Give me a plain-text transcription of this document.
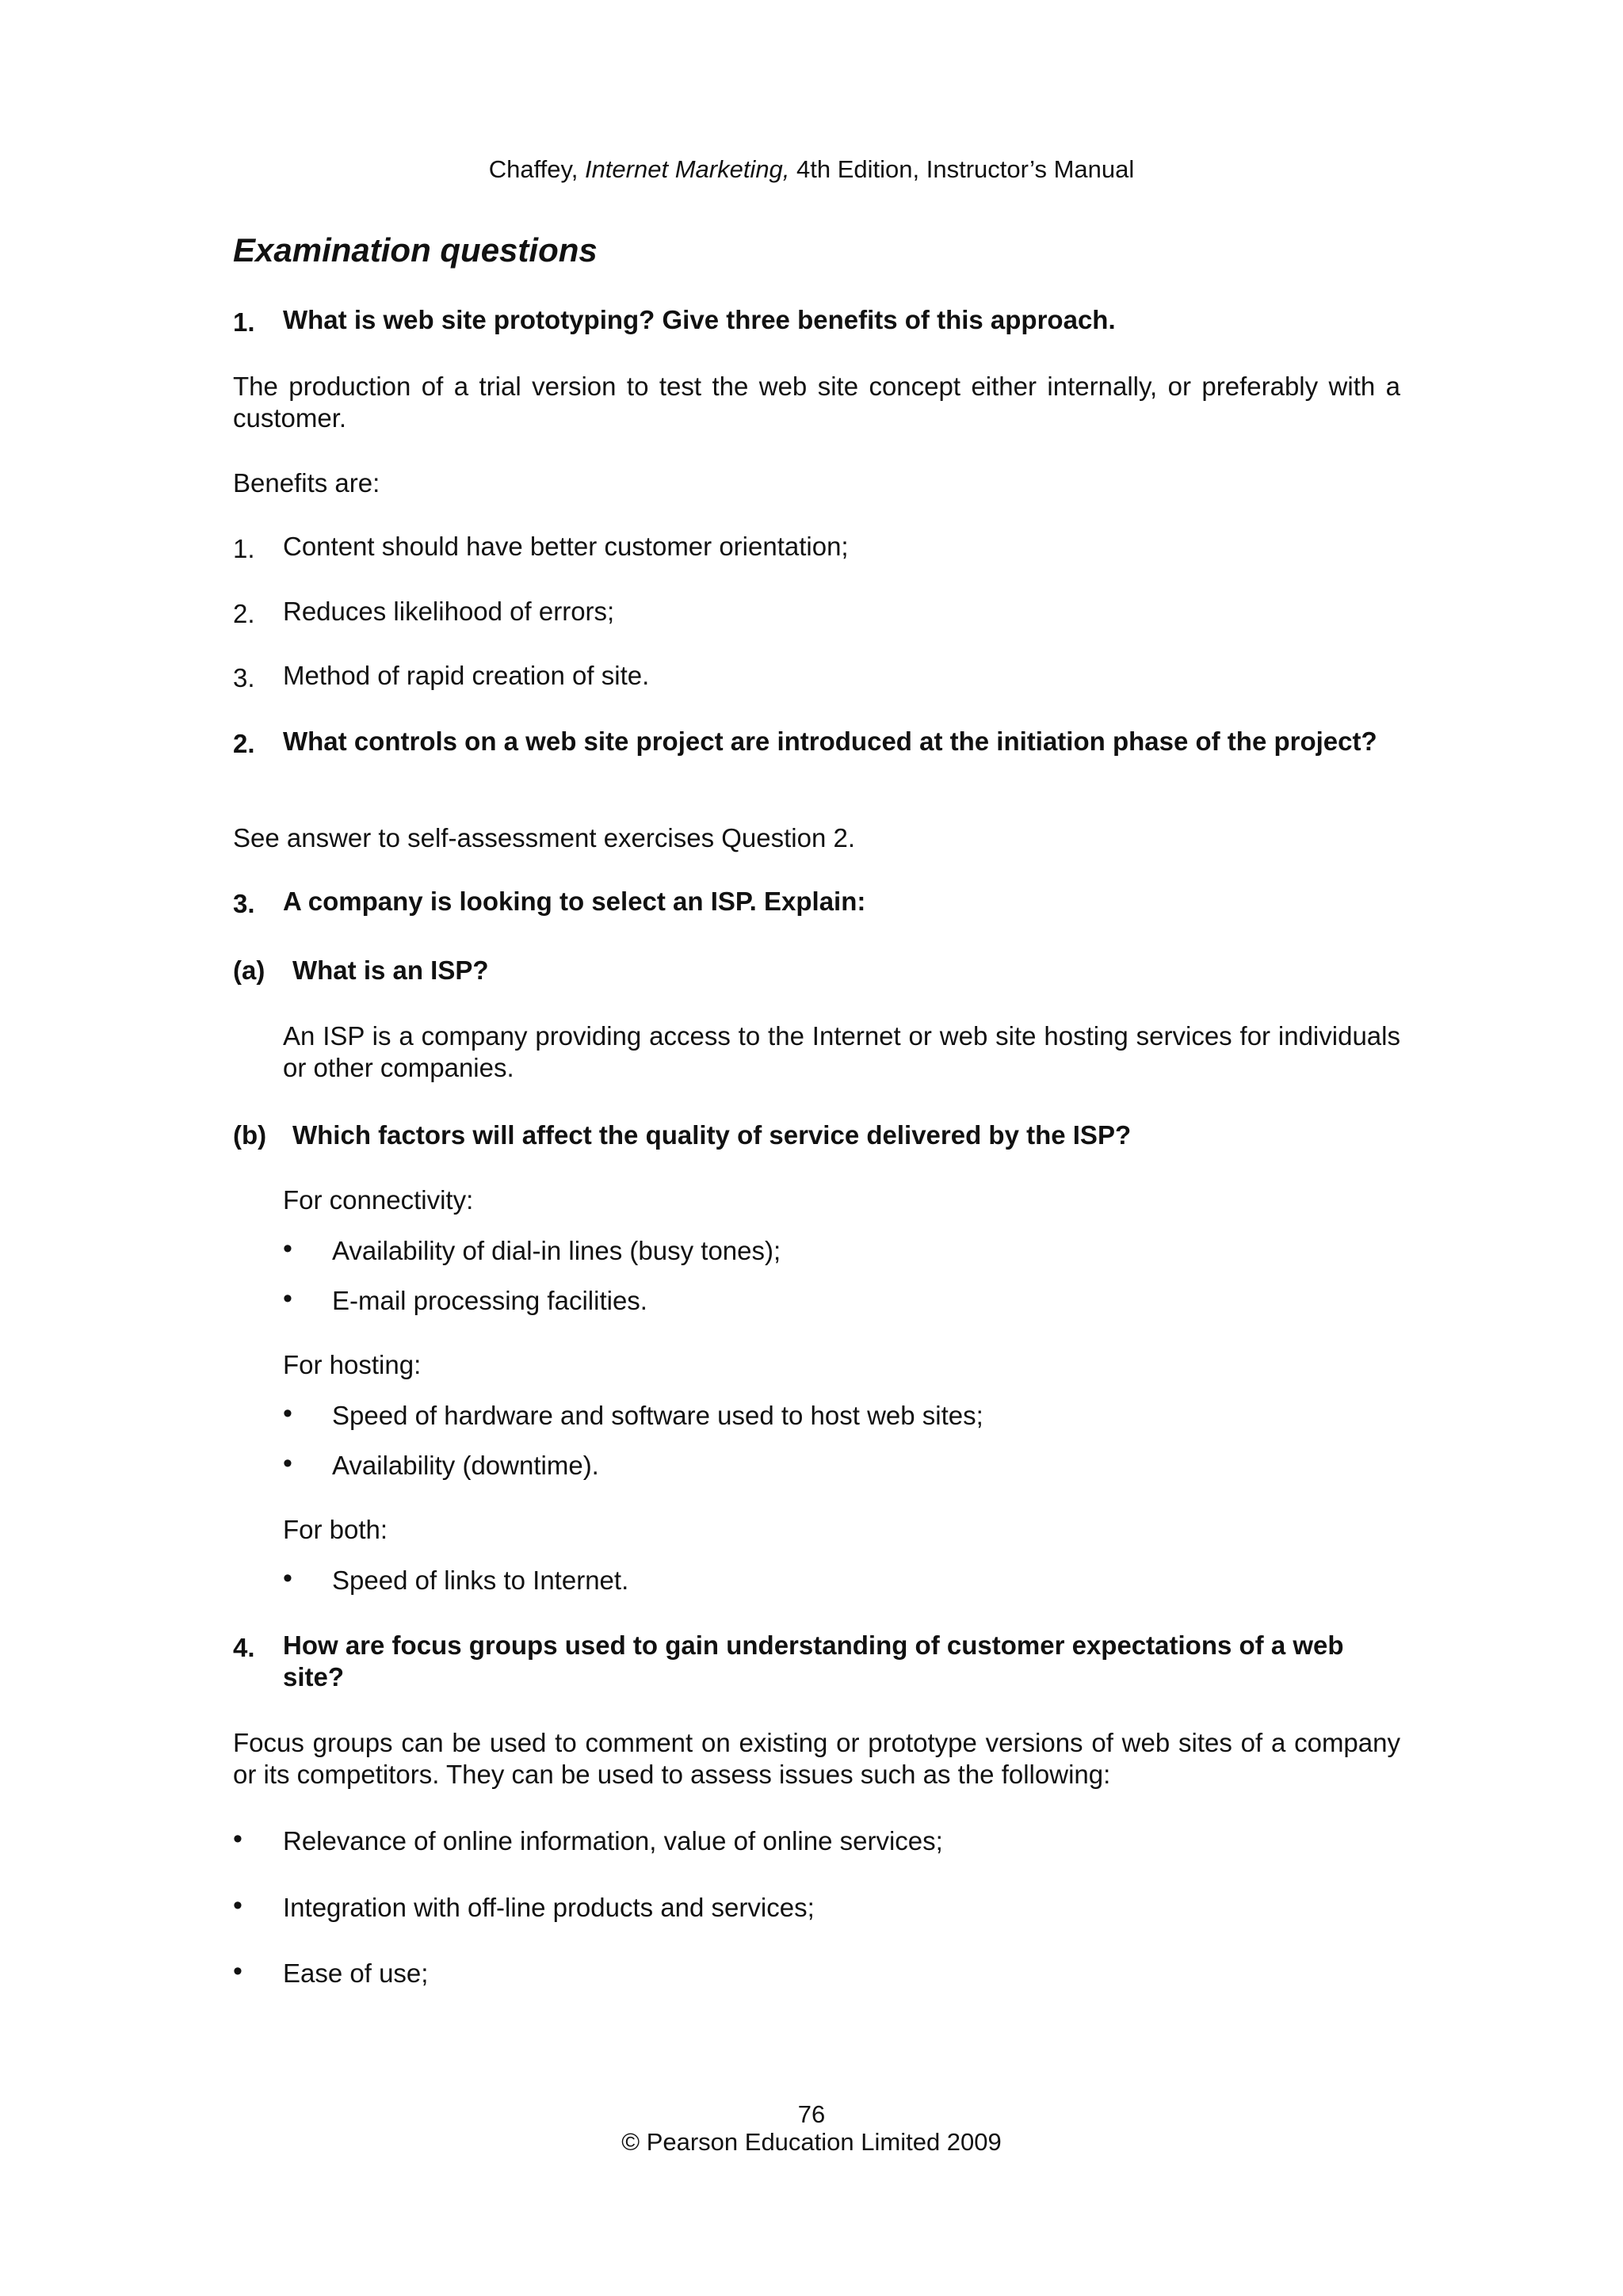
Chaffey, Internet Marketing, 4th Edition, Instructor’s Manual
Examination questions
1. What is web site prototyping? Give three benefits of this approach.
The production of a trial version to test the web site concept either internally, or preferably with a customer.
Benefits are:
1. Content should have better customer orientation;
2. Reduces likelihood of errors;
3. Method of rapid creation of site.
2. What controls on a web site project are introduced at the initiation phase of the project?
See answer to self-assessment exercises Question 2.
3. A company is looking to select an ISP. Explain:
(a) What is an ISP?
An ISP is a company providing access to the Internet or web site hosting services for individuals or other companies.
(b) Which factors will affect the quality of service delivered by the ISP?
For connectivity:
• Availability of dial-in lines (busy tones);
• E-mail processing facilities.
For hosting:
• Speed of hardware and software used to host web sites;
• Availability (downtime).
For both:
• Speed of links to Internet.
4. How are focus groups used to gain understanding of customer expectations of a web site?
Focus groups can be used to comment on existing or prototype versions of web sites of a company or its competitors. They can be used to assess issues such as the following:
• Relevance of online information, value of online services;
• Integration with off-line products and services;
• Ease of use;
76
© Pearson Education Limited 2009
